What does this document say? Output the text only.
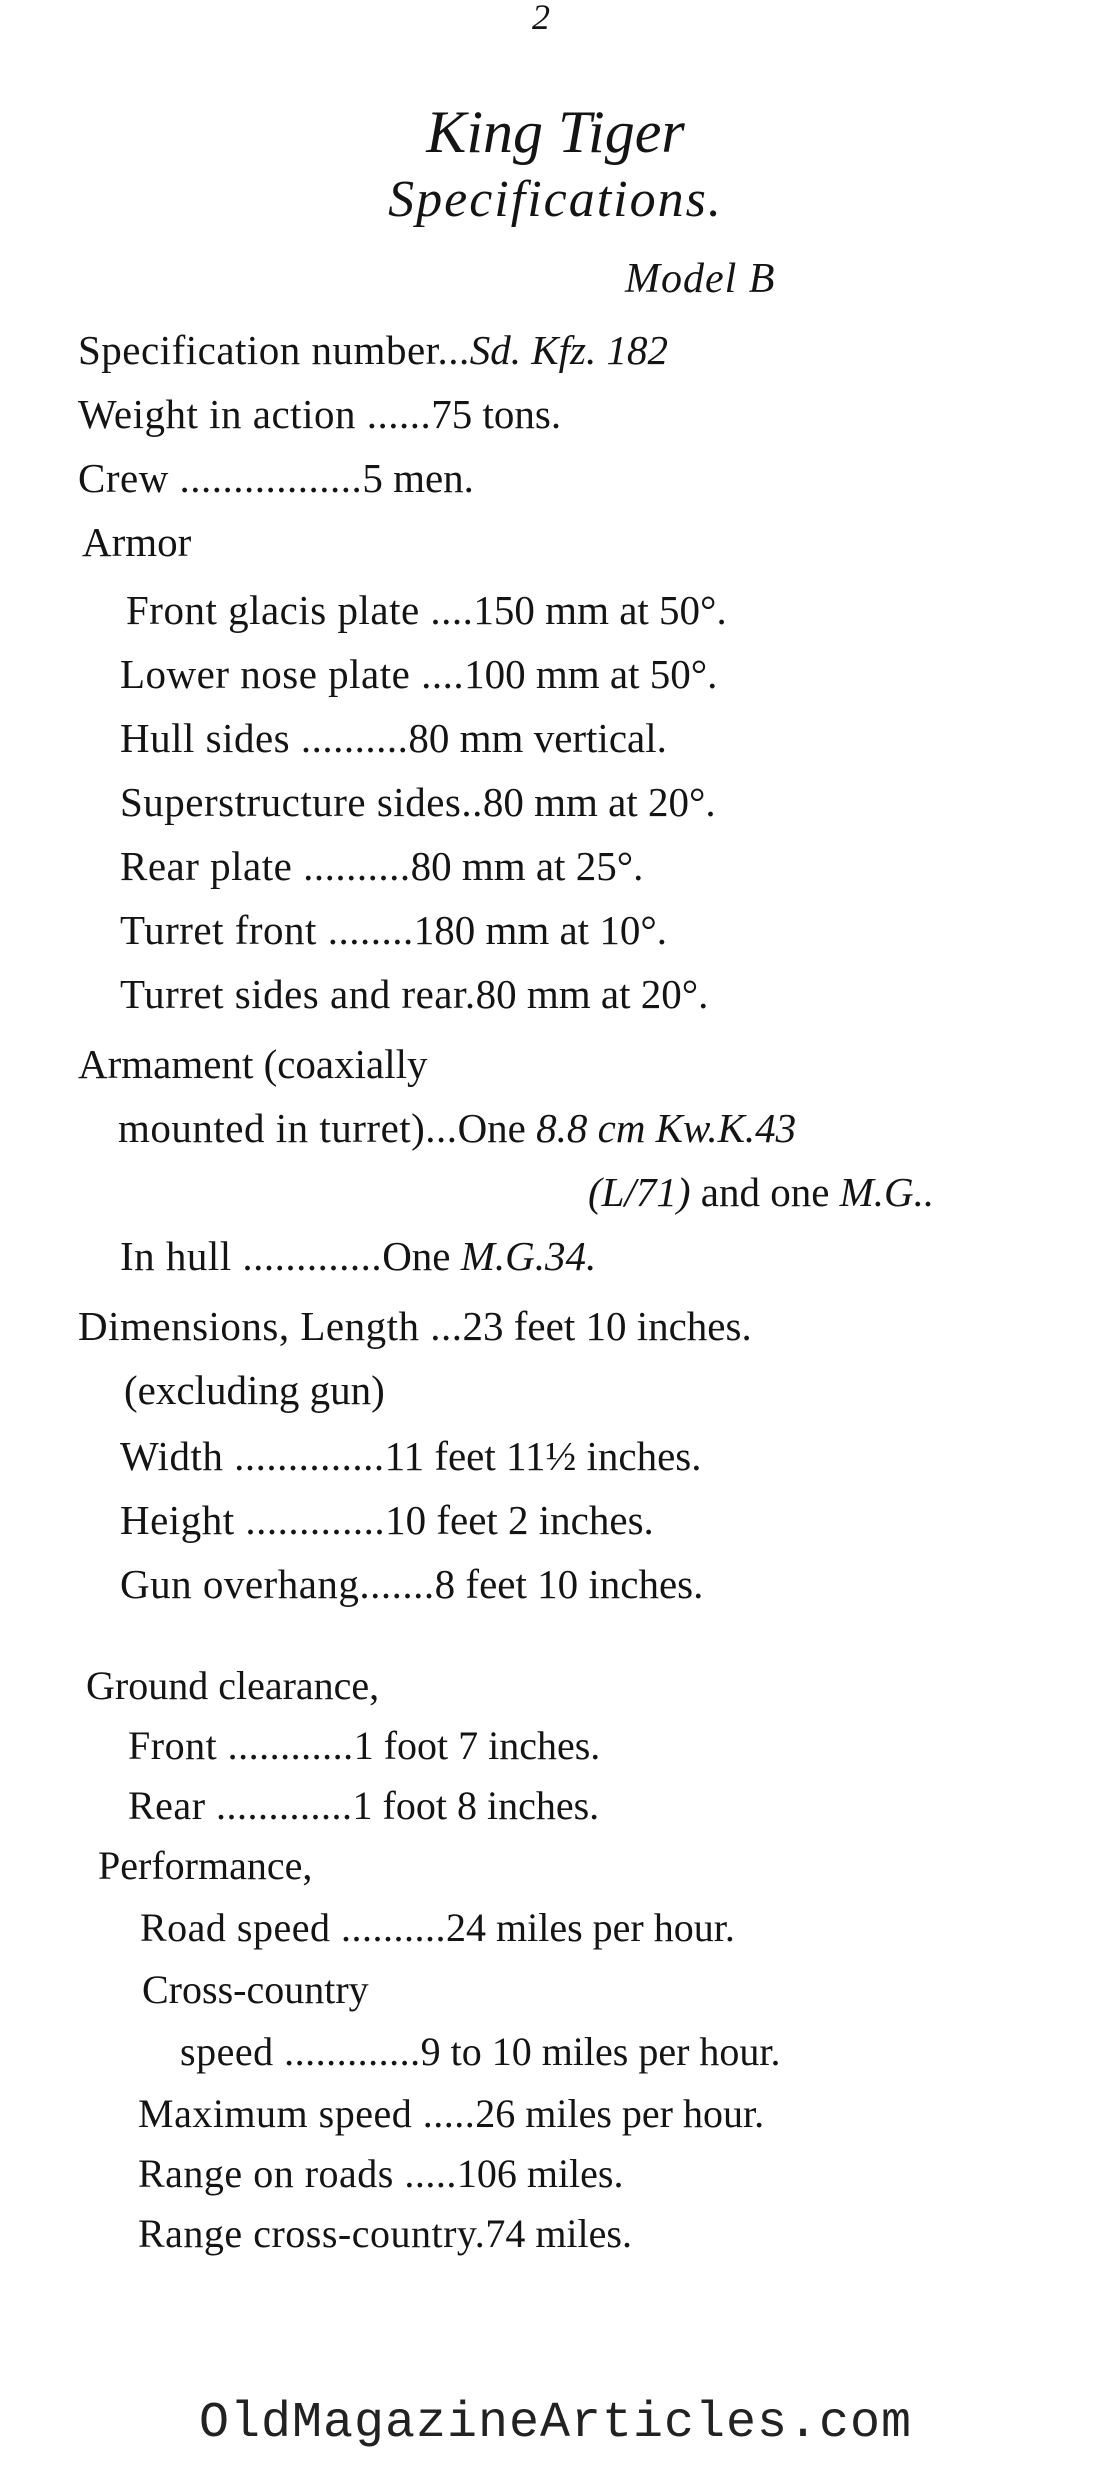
2
King Tiger
Specifications.
Model B
Specification number...Sd. Kfz. 182
Weight in action ......75 tons.
Crew .................5 men.
Armor
Front glacis plate ....150 mm at 50°.
Lower nose plate ....100 mm at 50°.
Hull sides ..........80 mm vertical.
Superstructure sides..80 mm at 20°.
Rear plate ..........80 mm at 25°.
Turret front ........180 mm at 10°.
Turret sides and rear.80 mm at 20°.
Armament (coaxially
mounted in turret)...One 8.8 cm Kw.K.43
(L/71) and one M.G..
In hull .............One M.G.34.
Dimensions, Length ...23 feet 10 inches.
(excluding gun)
Width ..............11 feet 11½ inches.
Height .............10 feet 2 inches.
Gun overhang.......8 feet 10 inches.
Ground clearance,
Front ............1 foot 7 inches.
Rear .............1 foot 8 inches.
Performance,
Road speed ..........24 miles per hour.
Cross-country
speed .............9 to 10 miles per hour.
Maximum speed .....26 miles per hour.
Range on roads .....106 miles.
Range cross-country.74 miles.
OldMagazineArticles.com
